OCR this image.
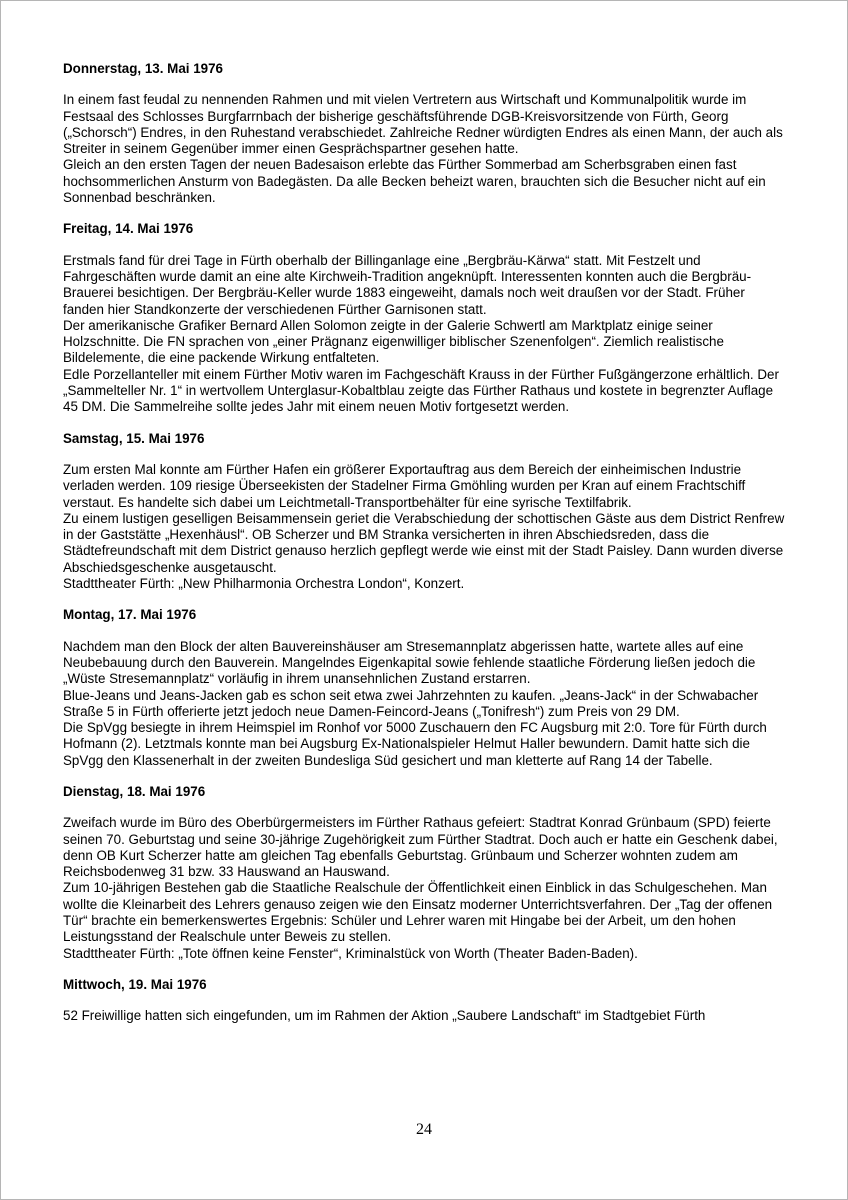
Donnerstag, 13. Mai 1976

In einem fast feudal zu nennenden Rahmen und mit vielen Vertretern aus Wirtschaft und Kommunalpolitik wurde im Festsaal des Schlosses Burgfarrnbach der bisherige geschäftsführende DGB-Kreisvorsitzende von Fürth, Georg („Schorsch“) Endres, in den Ruhestand verabschiedet. Zahlreiche Redner würdigten Endres als einen Mann, der auch als Streiter in seinem Gegenüber immer einen Gesprächspartner gesehen hatte.

Gleich an den ersten Tagen der neuen Badesaison erlebte das Fürther Sommerbad am Scherbsgraben einen fast hochsommerlichen Ansturm von Badegästen. Da alle Becken beheizt waren, brauchten sich die Besucher nicht auf ein Sonnenbad beschränken.

Freitag, 14. Mai 1976

Erstmals fand für drei Tage in Fürth oberhalb der Billinganlage eine „Bergbräu-Kärwa“ statt. Mit Festzelt und Fahrgeschäften wurde damit an eine alte Kirchweih-Tradition angeknüpft. Interessenten konnten auch die Bergbräu-Brauerei besichtigen. Der Bergbräu-Keller wurde 1883 eingeweiht, damals noch weit draußen vor der Stadt. Früher fanden hier Standkonzerte der verschiedenen Fürther Garnisonen statt.

Der amerikanische Grafiker Bernard Allen Solomon zeigte in der Galerie Schwertl am Marktplatz einige seiner Holzschnitte. Die FN sprachen von „einer Prägnanz eigenwilliger biblischer Szenenfolgen“. Ziemlich realistische Bildelemente, die eine packende Wirkung entfalteten.

Edle Porzellanteller mit einem Fürther Motiv waren im Fachgeschäft Krauss in der Fürther Fußgängerzone erhältlich. Der „Sammelteller Nr. 1“ in wertvollem Unterglasur-Kobaltblau zeigte das Fürther Rathaus und kostete in begrenzter Auflage 45 DM. Die Sammelreihe sollte jedes Jahr mit einem neuen Motiv fortgesetzt werden.

Samstag, 15. Mai 1976

Zum ersten Mal konnte am Fürther Hafen ein größerer Exportauftrag aus dem Bereich der einheimischen Industrie verladen werden. 109 riesige Überseekisten der Stadelner Firma Gmöhling wurden per Kran auf einem Frachtschiff verstaut. Es handelte sich dabei um Leichtmetall-Transportbehälter für eine syrische Textilfabrik.

Zu einem lustigen geselligen Beisammensein geriet die Verabschiedung der schottischen Gäste aus dem District Renfrew in der Gaststätte „Hexenhäusl“. OB Scherzer und BM Stranka versicherten in ihren Abschiedsreden, dass die Städtefreundschaft mit dem District genauso herzlich gepflegt werde wie einst mit der Stadt Paisley. Dann wurden diverse Abschiedsgeschenke ausgetauscht.

Stadttheater Fürth: „New Philharmonia Orchestra London“, Konzert.

Montag, 17. Mai 1976

Nachdem man den Block der alten Bauvereinshäuser am Stresemannplatz abgerissen hatte, wartete alles auf eine Neubebauung durch den Bauverein. Mangelndes Eigenkapital sowie fehlende staatliche Förderung ließen jedoch die „Wüste Stresemannplatz“ vorläufig in ihrem unansehnlichen Zustand erstarren.

Blue-Jeans und Jeans-Jacken gab es schon seit etwa zwei Jahrzehnten zu kaufen. „Jeans-Jack“ in der Schwabacher Straße 5 in Fürth offerierte jetzt jedoch neue Damen-Feincord-Jeans („Tonifresh“) zum Preis von 29 DM.

Die SpVgg besiegte in ihrem Heimspiel im Ronhof vor 5000 Zuschauern den FC Augsburg mit 2:0. Tore für Fürth durch Hofmann (2). Letztmals konnte man bei Augsburg Ex-Nationalspieler Helmut Haller bewundern. Damit hatte sich die SpVgg den Klassenerhalt in der zweiten Bundesliga Süd gesichert und man kletterte auf Rang 14 der Tabelle.

Dienstag, 18. Mai 1976

Zweifach wurde im Büro des Oberbürgermeisters im Fürther Rathaus gefeiert: Stadtrat Konrad Grünbaum (SPD) feierte seinen 70. Geburtstag und seine 30-jährige Zugehörigkeit zum Fürther Stadtrat. Doch auch er hatte ein Geschenk dabei, denn OB Kurt Scherzer hatte am gleichen Tag ebenfalls Geburtstag. Grünbaum und Scherzer wohnten zudem am Reichsbodenweg 31 bzw. 33 Hauswand an Hauswand.

Zum 10-jährigen Bestehen gab die Staatliche Realschule der Öffentlichkeit einen Einblick in das Schulgeschehen. Man wollte die Kleinarbeit des Lehrers genauso zeigen wie den Einsatz moderner Unterrichtsverfahren. Der „Tag der offenen Tür“ brachte ein bemerkenswertes Ergebnis: Schüler und Lehrer waren mit Hingabe bei der Arbeit, um den hohen Leistungsstand der Realschule unter Beweis zu stellen.

Stadttheater Fürth: „Tote öffnen keine Fenster“, Kriminalstück von Worth (Theater Baden-Baden).

Mittwoch, 19. Mai 1976

52 Freiwillige hatten sich eingefunden, um im Rahmen der Aktion „Saubere Landschaft“ im Stadtgebiet Fürth

24
